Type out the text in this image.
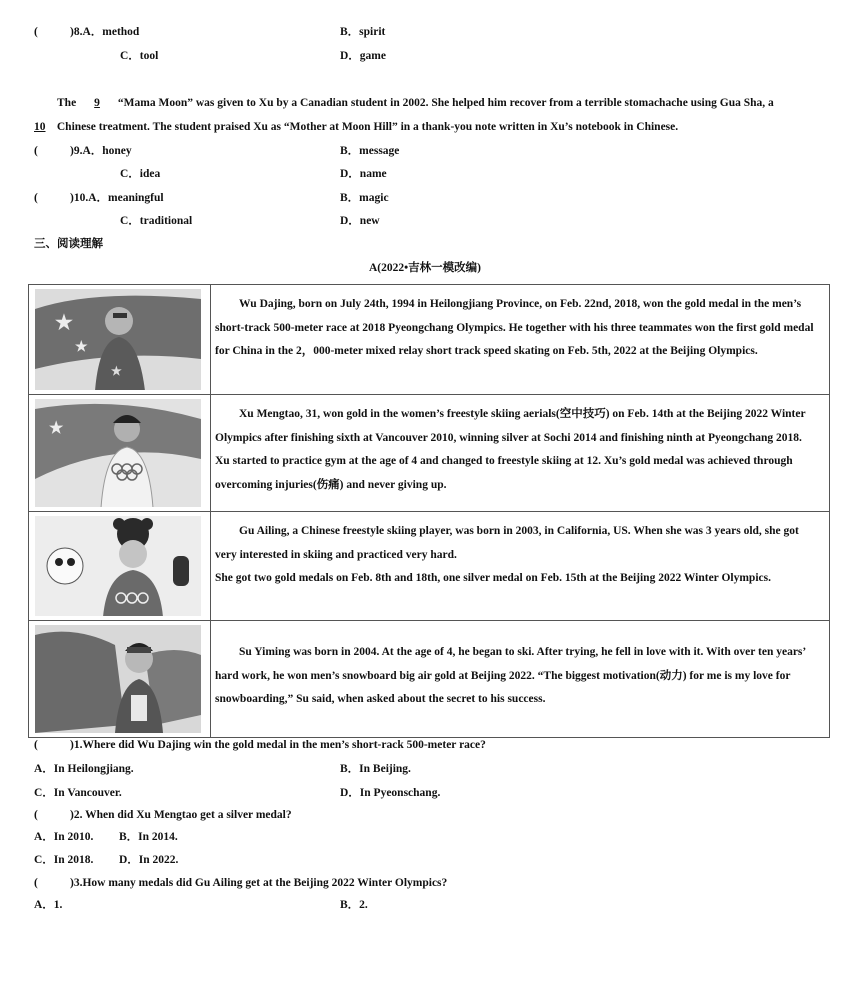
(	)8.A．method	B．spirit
C．tool	D．game
The 9 “Mama Moon” was given to Xu by a Canadian student in 2002. She helped him recover from a terrible stomachache using Gua Sha, a
10 Chinese treatment. The student praised Xu as “Mother at Moon Hill” in a thank-you note written in Xu’s notebook in Chinese.
(	)9.A．honey	B．message
C．idea	D．name
(	)10.A．meaningful	B．magic
C．traditional	D．new
三、阅读理解
A(2022•吉林一模改编)
★
★
★

Wu Dajing, born on July 24th, 1994 in Heilongjiang Province, on Feb. 22nd, 2018, won the gold medal in the men’s short-track 500-meter race at 2018 Pyeongchang Olympics. He together with his three teammates won the first gold medal for China in the 2，000-meter mixed relay short track speed skating on Feb. 5th, 2022 at the Beijing Olympics.

★

Xu Mengtao, 31, won gold in the women’s freestyle skiing aerials(空中技巧) on Feb. 14th at the Beijing 2022 Winter Olympics after finishing sixth at Vancouver 2010, winning silver at Sochi 2014 and finishing ninth at Pyeongchang 2018.

Xu started to practice gym at the age of 4 and changed to freestyle skiing at 12. Xu’s gold medal was achieved through overcoming injuries(伤痛) and never giving up.

Gu Ailing, a Chinese freestyle skiing player, was born in 2003, in California, US. When she was 3 years old, she got very interested in skiing and practiced very hard.

She got two gold medals on Feb. 8th and 18th, one silver medal on Feb. 15th at the Beijing 2022 Winter Olympics.

Su Yiming was born in 2004. At the age of 4, he began to ski. After trying, he fell in love with it. With over ten years’ hard work, he won men’s snowboard big air gold at Beijing 2022. “The biggest motivation(动力) for me is my love for snowboarding,” Su said, when asked about the secret to his success.

(	)1.Where did Wu Dajing win the gold medal in the men’s short-rack 500-meter race?
A．In Heilongjiang.	B．In Beijing.
C．In Vancouver.	D．In Pyeonschang.
(	)2. When did Xu Mengtao get a silver medal?
A．In 2010. B．In 2014.
C．In 2018. D．In 2022.
(	)3.How many medals did Gu Ailing get at the Beijing 2022 Winter Olympics?
A．1.	B．2.
